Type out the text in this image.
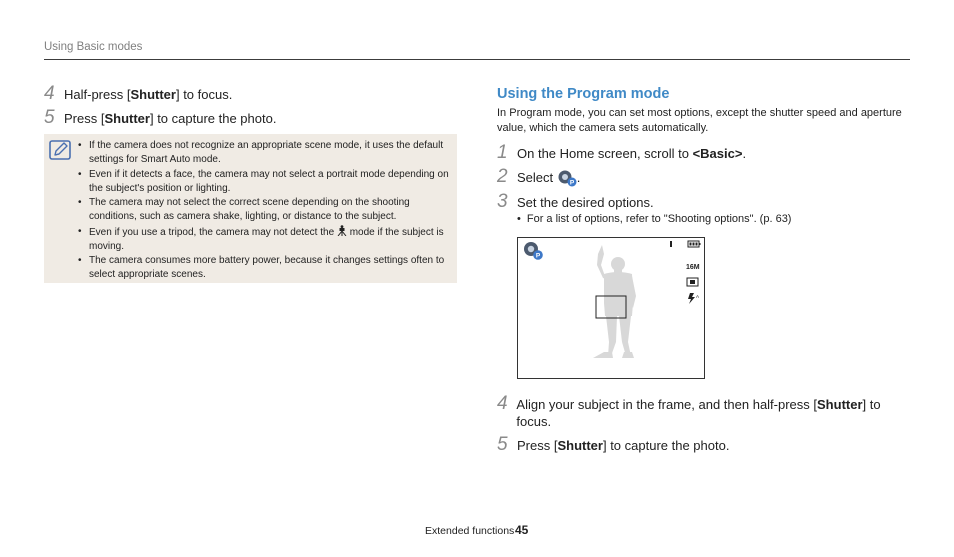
Using Basic modes
4 Half-press [Shutter] to focus.
5 Press [Shutter] to capture the photo.
• If the camera does not recognize an appropriate scene mode, it uses the default settings for Smart Auto mode.
• Even if it detects a face, the camera may not select a portrait mode depending on the subject's position or lighting.
• The camera may not select the correct scene depending on the shooting conditions, such as camera shake, lighting, or distance to the subject.
• Even if you use a tripod, the camera may not detect the mode if the subject is moving.
• The camera consumes more battery power, because it changes settings often to select appropriate scenes.
Using the Program mode
In Program mode, you can set most options, except the shutter speed and aperture value, which the camera sets automatically.
1 On the Home screen, scroll to <Basic>.
2 Select	P .
3 Set the desired options.
• For a list of options, refer to "Shooting options". (p. 63)
P
16M
A
4 Align your subject in the frame, and then half-press [Shutter] to focus.
5 Press [Shutter] to capture the photo.
Extended functions 45
